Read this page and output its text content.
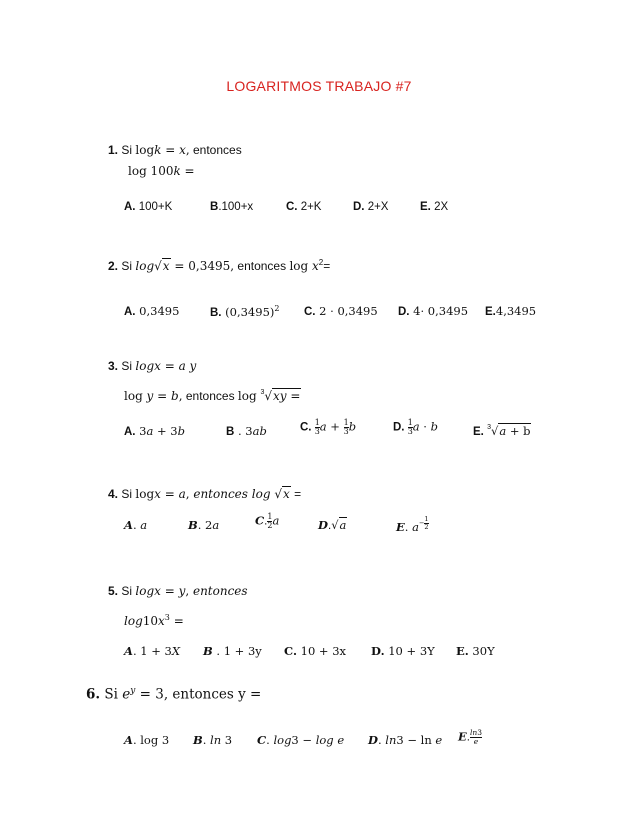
LOGARITMOS TRABAJO #7
1. Si log𝑘 = 𝑥, entonces
log 100𝑘 =
A. 100+K	B.100+x	C. 2+K	D. 2+X	E. 2X
2. Si 𝑙𝑜𝑔√𝑥 = 0,3495, entonces log 𝑥$^2$=
A. 0,3495	B. $(0,3495)^2$ C. 2 · 0,3495 D. 4· 0,3495 E.4,3495
3. Si 𝑙𝑜𝑔𝑥 = 𝑎 𝑦
log 𝑦 = 𝑏, entonces log $^3$√𝑥𝑦 =
A. 3𝑎 + 3𝑏	B . 3𝑎𝑏	C. $\frac{1}{3}$ 𝑎 + $\frac{1}{3}$ 𝑏	D. $\frac{1}{3}$ 𝑎 · 𝑏	E. $^3$√𝑎 + b
4. Si log𝑥 = 𝑎, 𝑒𝑛𝑡𝑜𝑛𝑐𝑒𝑠 𝑙𝑜𝑔 √𝑥 =
𝑨. 𝑎	𝑩. 2𝑎	𝑪. $\frac{1}{2}$ 𝑎	𝑫.√𝑎	𝑬. 𝑎− $\frac{1}{2}$
5. Si 𝑙𝑜𝑔𝑥 = 𝑦, 𝑒𝑛𝑡𝑜𝑛𝑐𝑒𝑠
𝑙𝑜𝑔10𝑥$^3$ =
𝑨. 1 + 3𝑋 𝑩 . 1 + 3y C. 10 + 3x D. 10 + 3Y E. 30Y
6. Si 𝑒$^𝑦$ = 3, entonces y =
𝑨. log 3 𝑩. 𝑙𝑛 3 𝑪. 𝑙𝑜𝑔3 − 𝑙𝑜𝑔 𝑒 𝑫. 𝑙𝑛3 − ln 𝑒 𝑬. $\frac{\text{𝑙𝑛3}}{\text{𝑒}}$
